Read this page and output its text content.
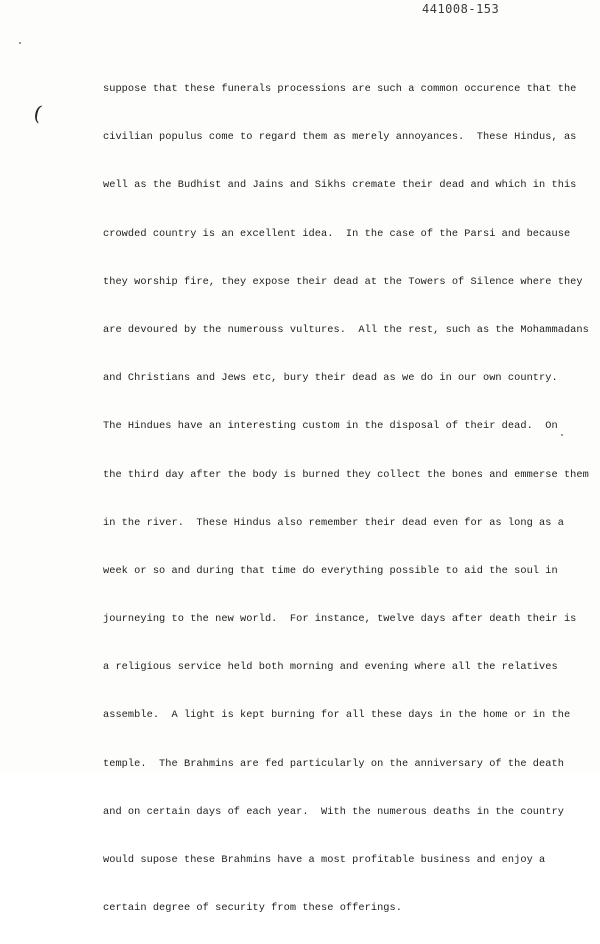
441008-153
(

suppose that these funerals processions are such a common occurence that the

civilian populus come to regard them as merely annoyances.  These Hindus, as

well as the Budhist and Jains and Sikhs cremate their dead and which in this

crowded country is an excellent idea.  In the case of the Parsi and because

they worship fire, they expose their dead at the Towers of Silence where they

are devoured by the numerouss vultures.  All the rest, such as the Mohammadans

and Christians and Jews etc, bury their dead as we do in our own country.

The Hindues have an interesting custom in the disposal of their dead.  On

the third day after the body is burned they collect the bones and emmerse them

in the river.  These Hindus also remember their dead even for as long as a

week or so and during that time do everything possible to aid the soul in

journeying to the new world.  For instance, twelve days after death their is

a religious service held both morning and evening where all the relatives

assemble.  A light is kept burning for all these days in the home or in the

temple.  The Brahmins are fed particularly on the anniversary of the death

and on certain days of each year.  With the numerous deaths in the country

would supose these Brahmins have a most profitable business and enjoy a

certain degree of security from these offerings.
